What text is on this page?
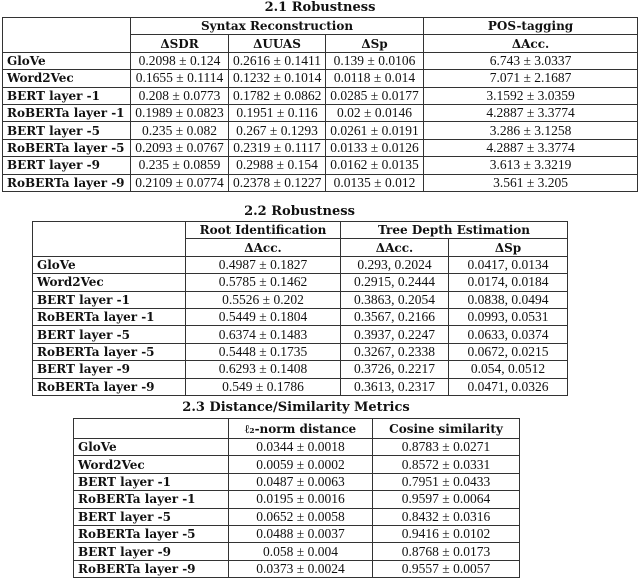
2.1 Robustness
	Syntax Reconstruction			POS-tagging
	ΔSDR	ΔUUAS	ΔSp	ΔAcc.
GloVe	0.2098 ± 0.124	0.2616 ± 0.1411	0.139 ± 0.0106	6.743 ± 3.0337
Word2Vec	0.1655 ± 0.1114	0.1232 ± 0.1014	0.0118 ± 0.014	7.071 ± 2.1687
BERT layer -1	0.208 ± 0.0773	0.1782 ± 0.0862	0.0285 ± 0.0177	3.1592 ± 3.0359
RoBERTa layer -1	0.1989 ± 0.0823	0.1951 ± 0.116	0.02 ± 0.0146	4.2887 ± 3.3774
BERT layer -5	0.235 ± 0.082	0.267 ± 0.1293	0.0261 ± 0.0191	3.286 ± 3.1258
RoBERTa layer -5	0.2093 ± 0.0767	0.2319 ± 0.1117	0.0133 ± 0.0126	4.2887 ± 3.3774
BERT layer -9	0.235 ± 0.0859	0.2988 ± 0.154	0.0162 ± 0.0135	3.613 ± 3.3219
RoBERTa layer -9	0.2109 ± 0.0774	0.2378 ± 0.1227	0.0135 ± 0.012	3.561 ± 3.205
2.2 Robustness
	Root Identification	Tree Depth Estimation	
	ΔAcc.	ΔAcc.	ΔSp
GloVe	0.4987 ± 0.1827	0.293, 0.2024	0.0417, 0.0134
Word2Vec	0.5785 ± 0.1462	0.2915, 0.2444	0.0174, 0.0184
BERT layer -1	0.5526 ± 0.202	0.3863, 0.2054	0.0838, 0.0494
RoBERTa layer -1	0.5449 ± 0.1804	0.3567, 0.2166	0.0993, 0.0531
BERT layer -5	0.6374 ± 0.1483	0.3937, 0.2247	0.0633, 0.0374
RoBERTa layer -5	0.5448 ± 0.1735	0.3267, 0.2338	0.0672, 0.0215
BERT layer -9	0.6293 ± 0.1408	0.3726, 0.2217	0.054, 0.0512
RoBERTa layer -9	0.549 ± 0.1786	0.3613, 0.2317	0.0471, 0.0326
2.3 Distance/Similarity Metrics
	ℓ₂-norm distance	Cosine similarity
GloVe	0.0344 ± 0.0018	0.8783 ± 0.0271
Word2Vec	0.0059 ± 0.0002	0.8572 ± 0.0331
BERT layer -1	0.0487 ± 0.0063	0.7951 ± 0.0433
RoBERTa layer -1	0.0195 ± 0.0016	0.9597 ± 0.0064
BERT layer -5	0.0652 ± 0.0058	0.8432 ± 0.0316
RoBERTa layer -5	0.0488 ± 0.0037	0.9416 ± 0.0102
BERT layer -9	0.058 ± 0.004	0.8768 ± 0.0173
RoBERTa layer -9	0.0373 ± 0.0024	0.9557 ± 0.0057
